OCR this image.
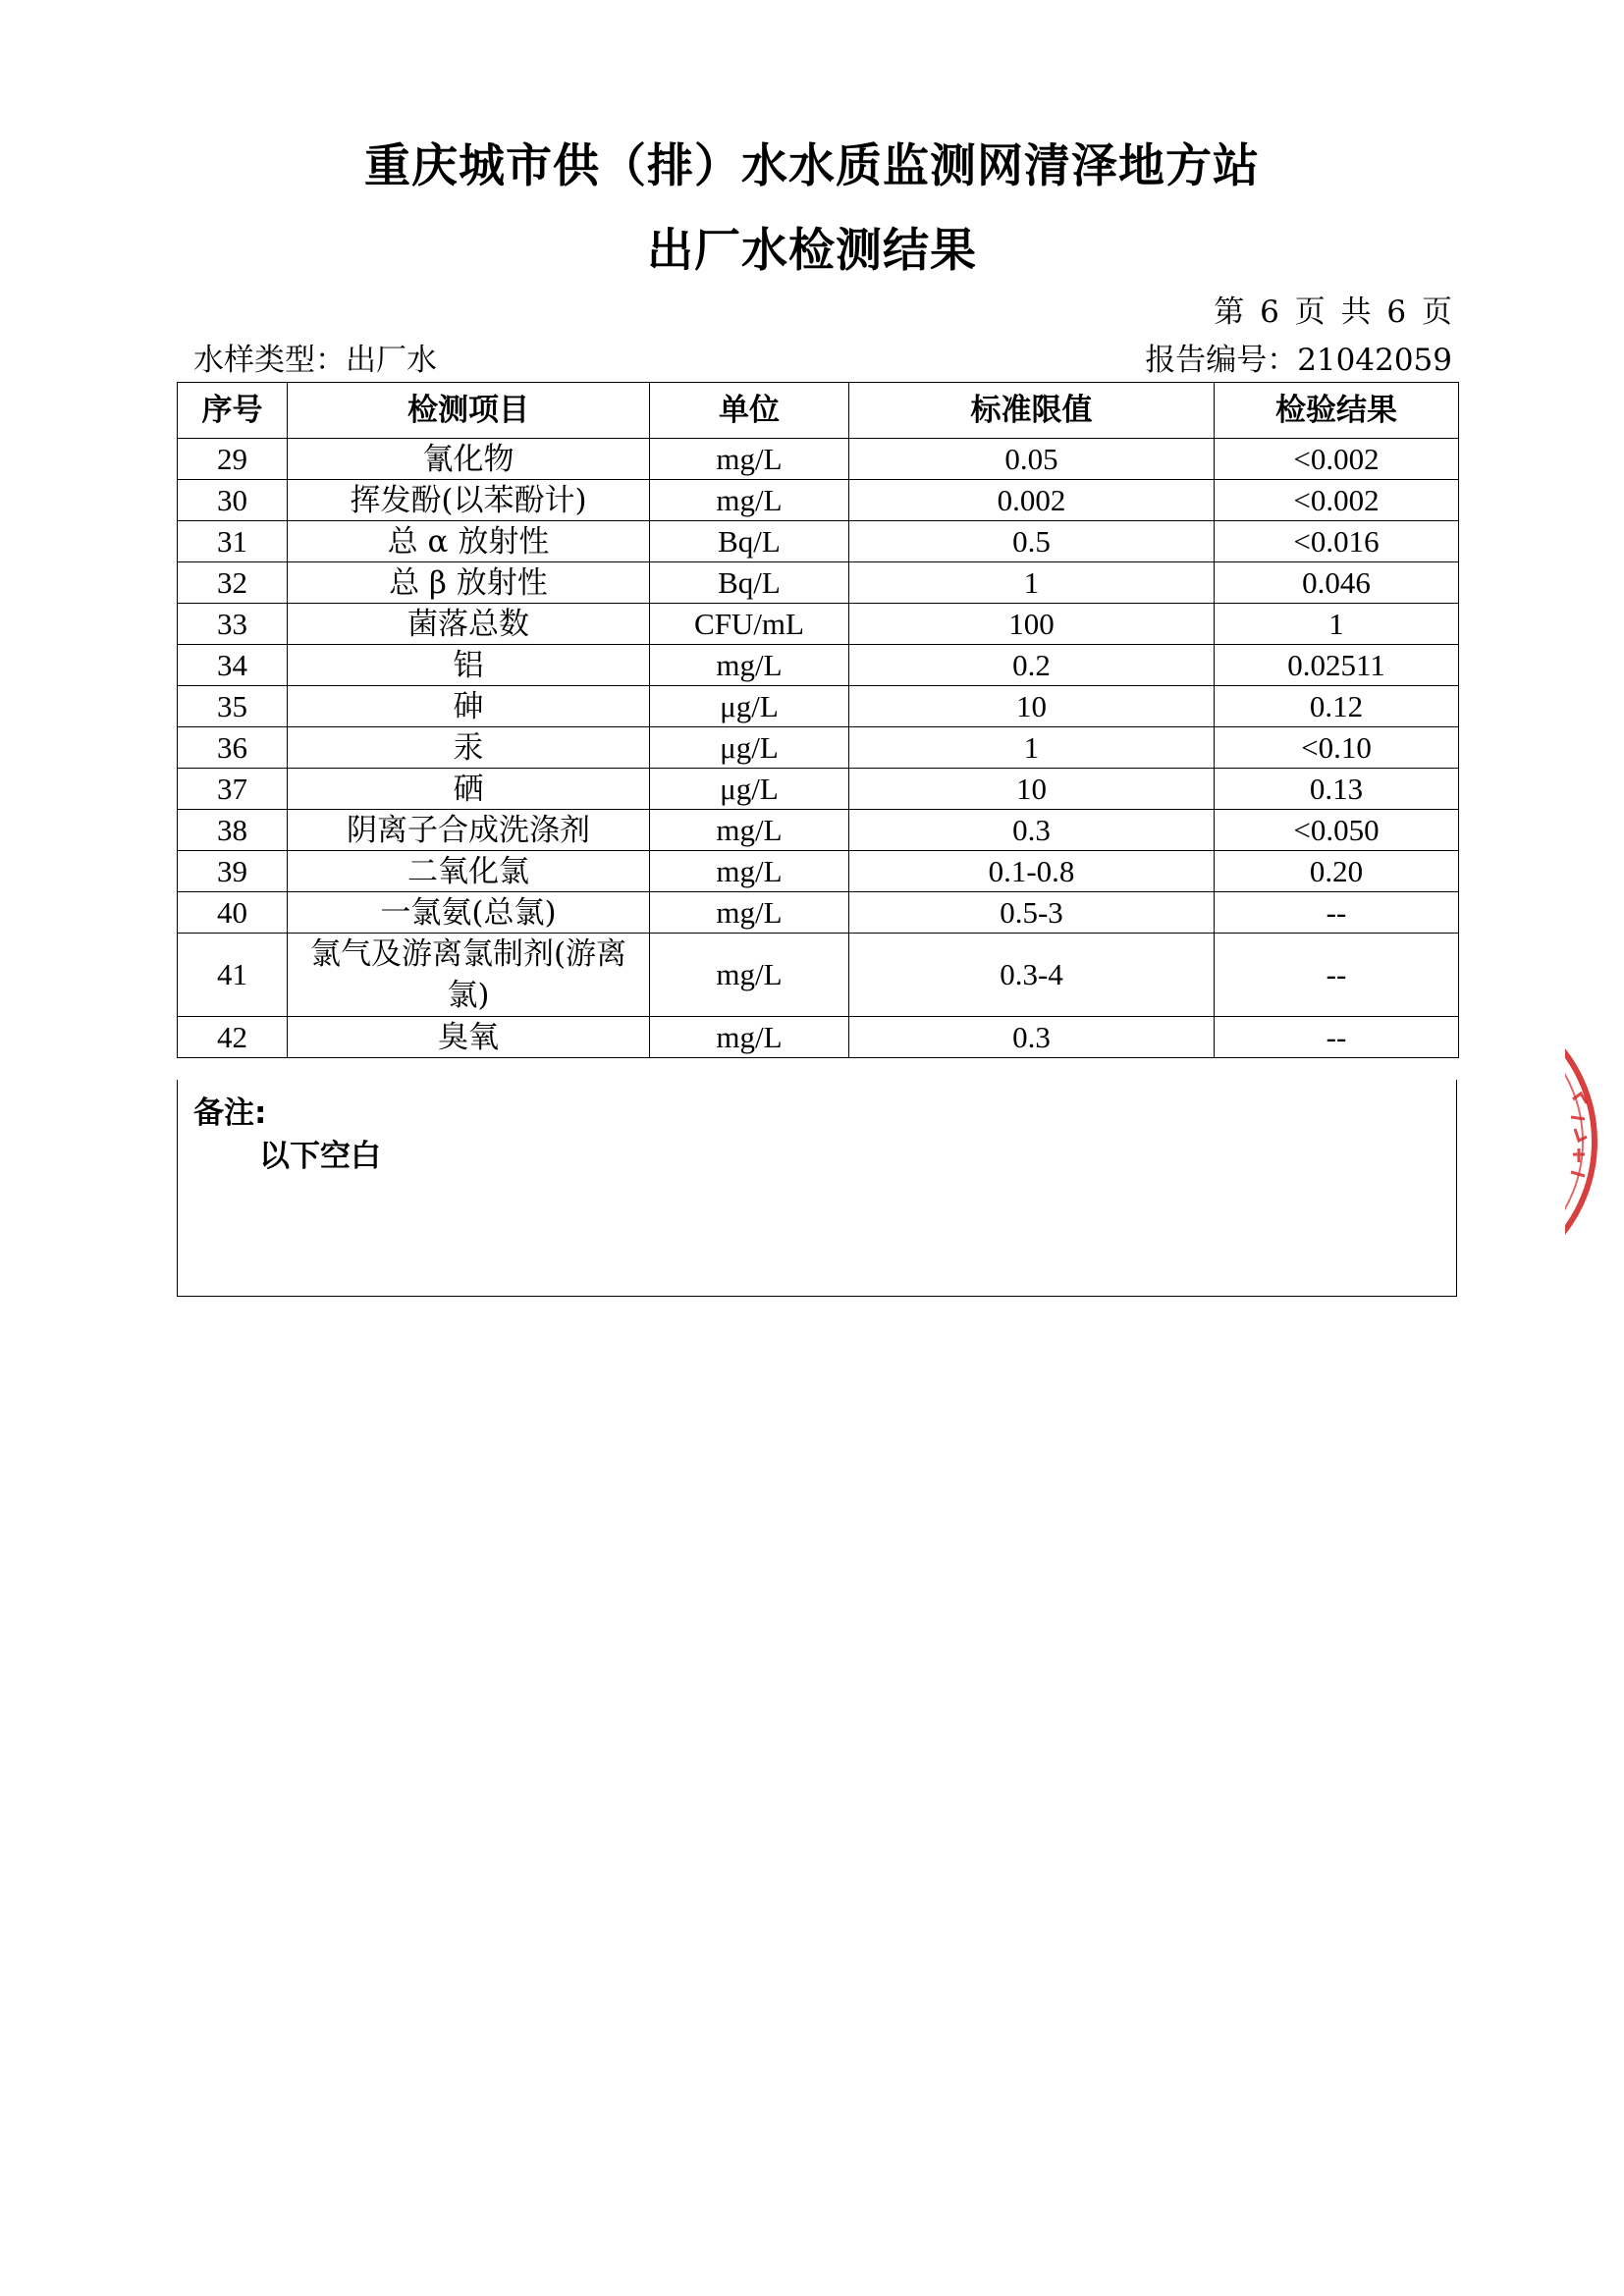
重庆城市供（排）水水质监测网清泽地方站
出厂水检测结果
第 6 页 共 6 页
水样类型：出厂水	报告编号：21042059
序号	检测项目	单位	标准限值	检验结果
29	氰化物	mg/L	0.05	<0.002
30	挥发酚(以苯酚计)	mg/L	0.002	<0.002
31	总 α 放射性	Bq/L	0.5	<0.016
32	总 β 放射性	Bq/L	1	0.046
33	菌落总数	CFU/mL	100	1
34	铝	mg/L	0.2	0.02511
35	砷	μg/L	10	0.12
36	汞	μg/L	1	<0.10
37	硒	μg/L	10	0.13
38	阴离子合成洗涤剂	mg/L	0.3	<0.050
39	二氧化氯	mg/L	0.1-0.8	0.20
40	一氯氨(总氯)	mg/L	0.5-3	--
41	氯气及游离氯制剂(游离氯)	mg/L	0.3-4	--
42	臭氧	mg/L	0.3	--
备注:
以下空白
